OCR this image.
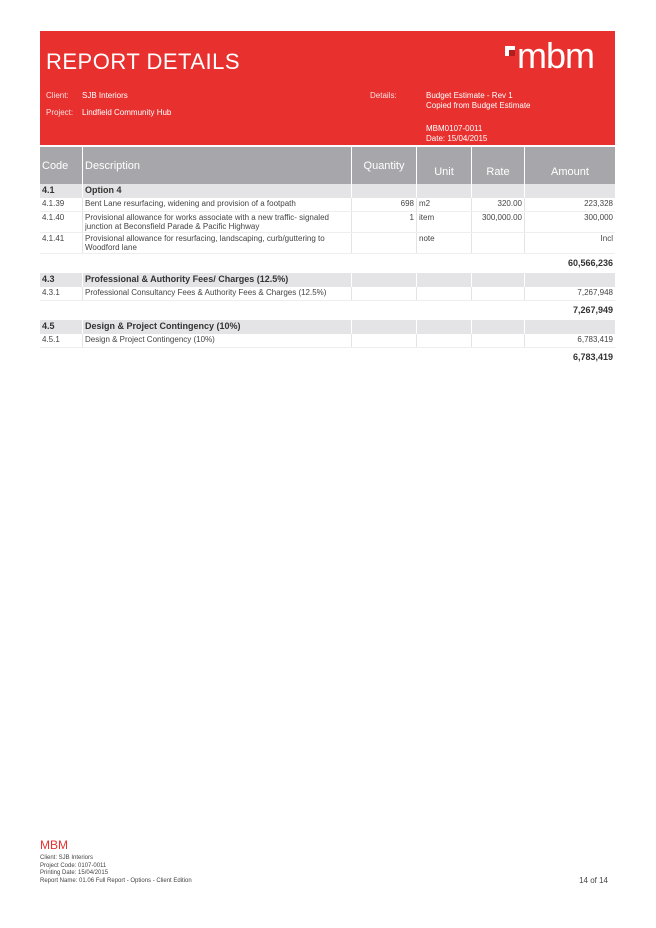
REPORT DETAILS	mbm
Client: SJB Interiors
Project: Lindfield Community Hub
Details:	Budget Estimate - Rev 1
Copied from Budget Estimate
MBM0107-0011
Date: 15/04/2015
Code	Description	Quantity	Unit	Rate	Amount
4.1	Option 4				
4.1.39	Bent Lane resurfacing, widening and provision of a footpath	698	m2	320.00	223,328
4.1.40	Provisional allowance for works associate with a new traffic- signaled junction at Beconsfield Parade & Pacific Highway	1	item	300,000.00	300,000
4.1.41	Provisional allowance for resurfacing, landscaping, curb/guttering to Woodford lane		note		Incl
60,566,236					
4.3	Professional & Authority Fees/ Charges (12.5%)				
4.3.1	Professional Consultancy Fees & Authority Fees & Charges (12.5%)				7,267,948
7,267,949					
4.5	Design & Project Contingency (10%)				
4.5.1	Design & Project Contingency (10%)				6,783,419
6,783,419					
MBM
Client: SJB Interiors
Project Code: 0107-0011
Printing Date: 15/04/2015
Report Name: 01.06 Full Report - Options - Client Edition	14 of 14
